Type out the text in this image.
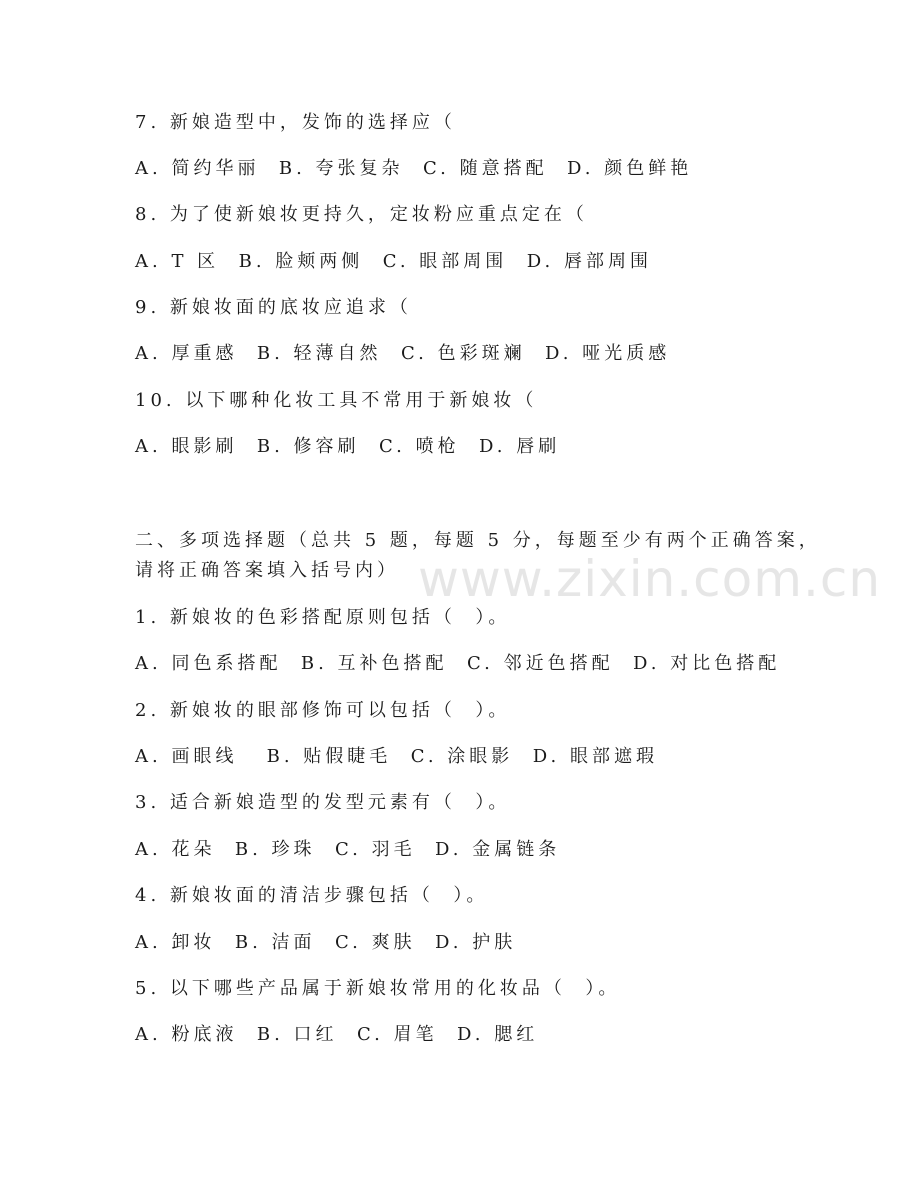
www.zixin.com.cn
7. 新娘造型中，发饰的选择应（
A. 简约华丽  B. 夸张复杂  C. 随意搭配  D. 颜色鲜艳
8. 为了使新娘妆更持久，定妆粉应重点定在（
A. T 区  B. 脸颊两侧  C. 眼部周围  D. 唇部周围
9. 新娘妆面的底妆应追求（
A. 厚重感  B. 轻薄自然  C. 色彩斑斓  D. 哑光质感
10. 以下哪种化妆工具不常用于新娘妆（
A. 眼影刷  B. 修容刷  C. 喷枪  D. 唇刷
二、多项选择题（总共 5 题，每题 5 分，每题至少有两个正确答案，
请将正确答案填入括号内）
1. 新娘妆的色彩搭配原则包括（  ）。
A. 同色系搭配  B. 互补色搭配  C. 邻近色搭配  D. 对比色搭配
2. 新娘妆的眼部修饰可以包括（  ）。
A. 画眼线   B. 贴假睫毛  C. 涂眼影  D. 眼部遮瑕
3. 适合新娘造型的发型元素有（  ）。
A. 花朵  B. 珍珠  C. 羽毛  D. 金属链条
4. 新娘妆面的清洁步骤包括（  ）。
A. 卸妆  B. 洁面  C. 爽肤  D. 护肤
5. 以下哪些产品属于新娘妆常用的化妆品（  ）。
A. 粉底液  B. 口红  C. 眉笔  D. 腮红
